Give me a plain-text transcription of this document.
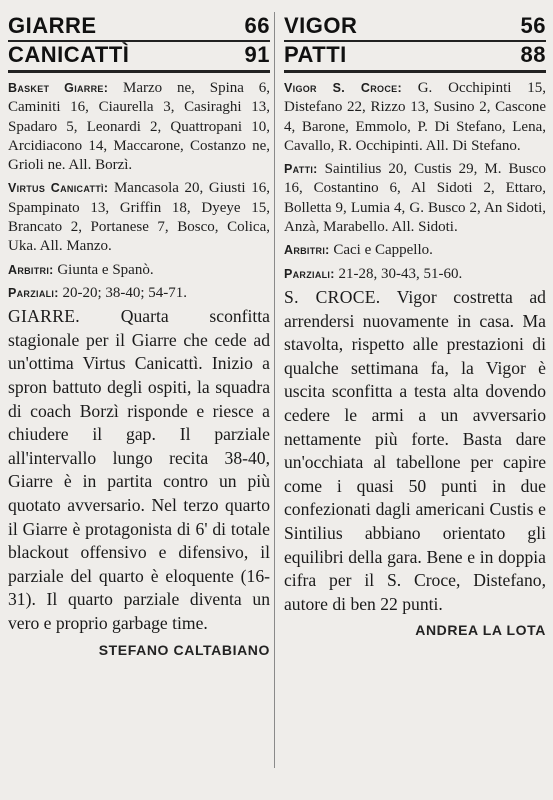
GIARRE	66
CANICATTÌ	91

Basket Giarre: Marzo ne, Spina 6, Caminiti 16, Ciaurella 3, Casiraghi 13, Spadaro 5, Leonardi 2, Quattropani 10, Arcidiacono 14, Maccarone, Costanzo ne, Grioli ne. All. Borzì.

Virtus Canicattì: Mancasola 20, Giusti 16, Spampinato 13, Griffin 18, Dyeye 15, Brancato 2, Portanese 7, Bosco, Colica, Uka. All. Manzo.

Arbitri: Giunta e Spanò.

Parziali: 20-20; 38-40; 54-71.

GIARRE. Quarta sconfitta stagionale per il Giarre che cede ad un'ottima Virtus Canicattì. Inizio a spron battuto degli ospiti, la squadra di coach Borzì risponde e riesce a chiudere il gap. Il parziale all'intervallo lungo recita 38-40, Giarre è in partita contro un più quotato avversario. Nel terzo quarto il Giarre è protagonista di 6' di totale blackout offensivo e difensivo, il parziale del quarto è eloquente (16-31). Il quarto parziale diventa un vero e proprio garbage time.

STEFANO CALTABIANO
VIGOR	56
PATTI	88

Vigor S. Croce: G. Occhipinti 15, Distefano 22, Rizzo 13, Susino 2, Cascone 4, Barone, Emmolo, P. Di Stefano, Lena, Cavallo, R. Occhipinti. All. Di Stefano.

Patti: Saintilius 20, Custis 29, M. Busco 16, Costantino 6, Al Sidoti 2, Ettaro, Bolletta 9, Lumia 4, G. Busco 2, An Sidoti, Anzà, Marabello. All. Sidoti.

Arbitri: Caci e Cappello.

Parziali: 21-28, 30-43, 51-60.

S. CROCE. Vigor costretta ad arrendersi nuovamente in casa. Ma stavolta, rispetto alle prestazioni di qualche settimana fa, la Vigor è uscita sconfitta a testa alta dovendo cedere le armi a un avversario nettamente più forte. Basta dare un'occhiata al tabellone per capire come i quasi 50 punti in due confezionati dagli americani Custis e Sintilius abbiano orientato gli equilibri della gara. Bene e in doppia cifra per il S. Croce, Distefano, autore di ben 22 punti.

ANDREA LA LOTA
